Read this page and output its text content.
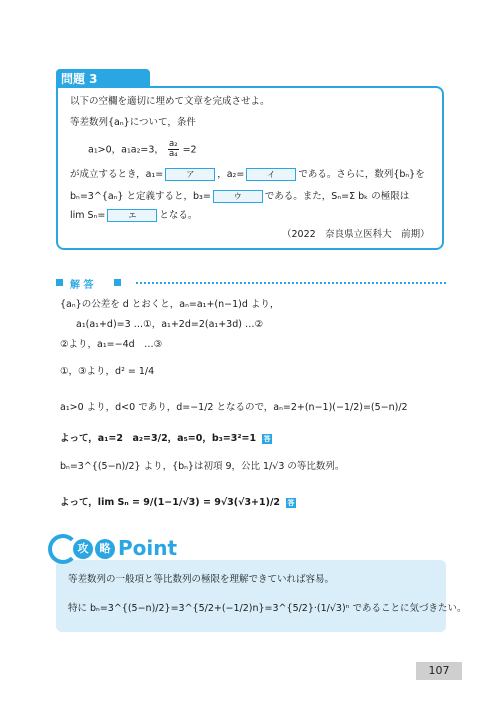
問題 3
以下の空欄を適切に埋めて文章を完成させよ。
等差数列{aₙ}について，条件
a₁>0，a₁a₂=3， $\frac{\text{a₂}}{\text{a₄}} =2$
が成立するとき，a₁=	ア ，a₂=	イ である。さらに，数列{bₙ}を
bₙ=3^{aₙ} と定義すると，b₃=	ウ である。また，Sₙ=Σ bₖ の極限は
lim Sₙ=	エ となる。
（2022　奈良県立医科大　前期）
解 答
{aₙ}の公差を d とおくと，aₙ=a₁+(n−1)d より，
a₁(a₁+d)=3 …①，a₁+2d=2(a₁+3d) …②
②より，a₁=−4d　…③
①，③より，d² = 1/4
a₁>0 より，d<0 であり，d=−1/2 となるので，aₙ=2+(n−1)(−1/2)=(5−n)/2
よって，a₁=2　a₂=3/2，a₅=0，b₃=3²=1 答
bₙ=3^{(5−n)/2} より，{bₙ}は初項 9，公比 1/√3 の等比数列。
よって，lim Sₙ = 9/(1−1/√3) = 9√3(√3+1)/2 答
攻	略 Point
等差数列の一般項と等比数列の極限を理解できていれば容易。
特に bₙ=3^{(5−n)/2}=3^{5/2+(−1/2)n}=3^{5/2}·(1/√3)ⁿ であることに気づきたい。
107
